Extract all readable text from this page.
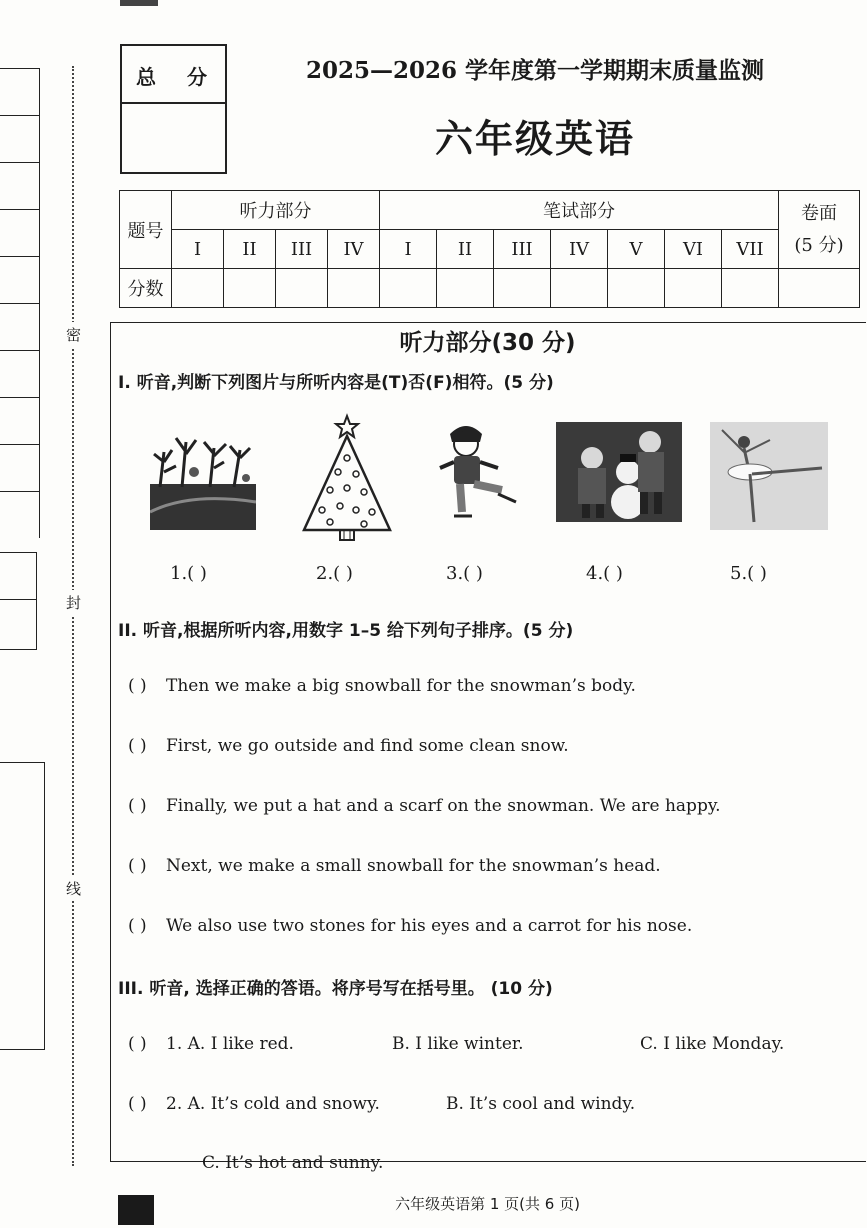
密
封
线
总 分	2025—2026 学年度第一学期期末质量监测
六年级英语
题号	听力部分				笔试部分							卷面
(5 分)

	I	II	III	IV	I	II	III	IV	V	VI	VII	
分数												
听力部分(30 分)
I. 听音,判断下列图片与所听内容是(T)否(F)相符。(5 分)
1.( )	2.( )	3.( )	4.( )	5.( )
II. 听音,根据所听内容,用数字 1–5 给下列句子排序。(5 分)
( ) Then we make a big snowball for the snowman’s body.
( ) First, we go outside and find some clean snow.
( ) Finally, we put a hat and a scarf on the snowman. We are happy.
( ) Next, we make a small snowball for the snowman’s head.
( ) We also use two stones for his eyes and a carrot for his nose.
III. 听音, 选择正确的答语。将序号写在括号里。 (10 分)
( ) 1. A. I like red.	B. I like winter.	C. I like Monday.
( ) 2. A. It’s cold and snowy.	B. It’s cool and windy.
C. It’s hot and sunny.
六年级英语第 1 页(共 6 页)
